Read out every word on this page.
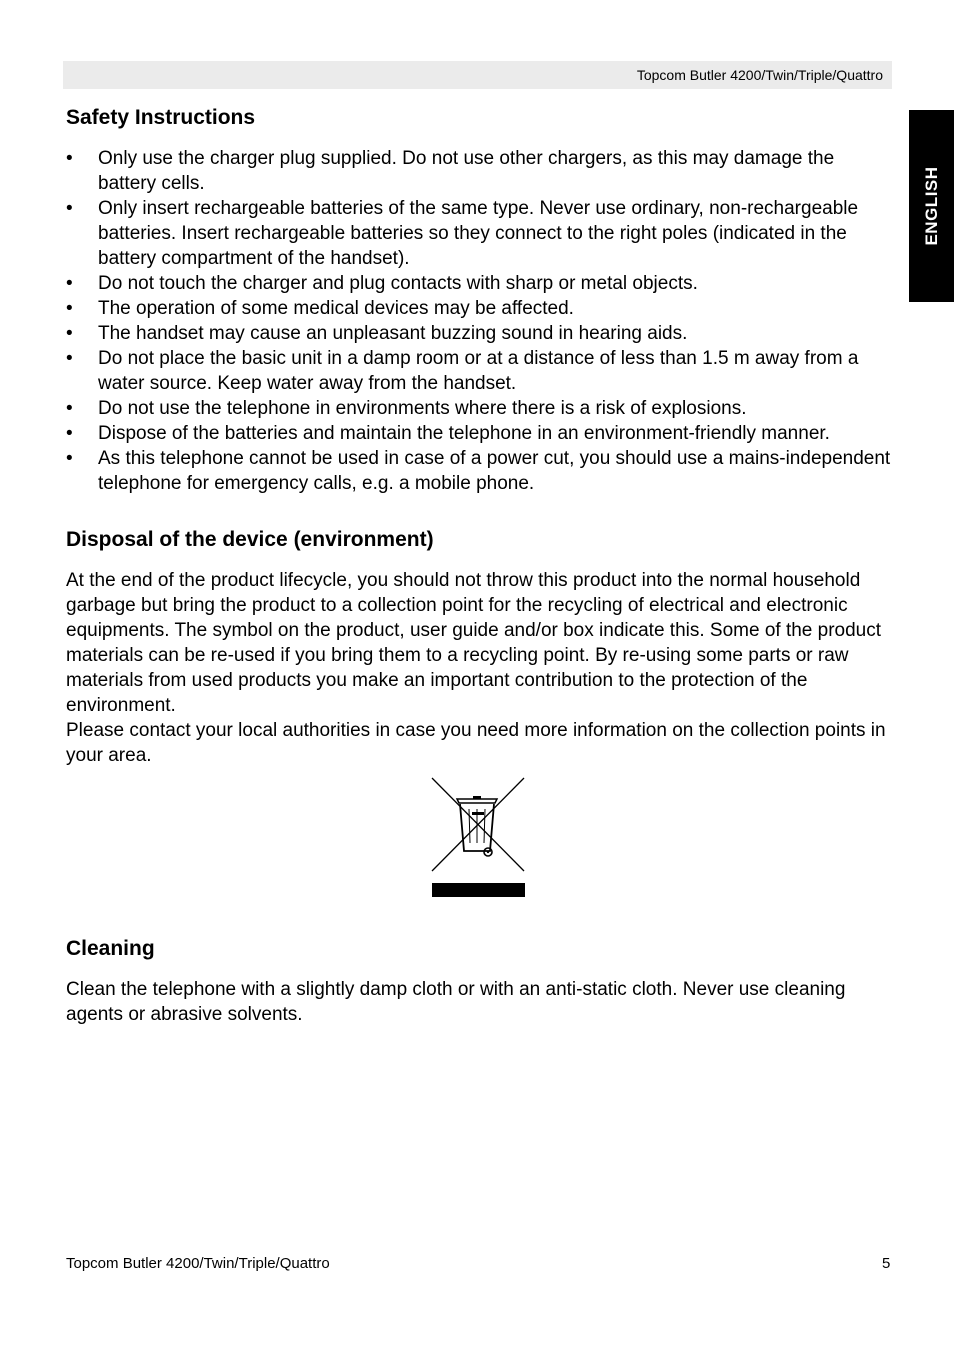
Topcom Butler 4200/Twin/Triple/Quattro
ENGLISH
Safety Instructions
• Only use the charger plug supplied. Do not use other chargers, as this may damage the battery cells.
• Only insert rechargeable batteries of the same type. Never use ordinary, non-rechargeable batteries. Insert rechargeable batteries so they connect to the right poles (indicated in the battery compartment of the handset).
• Do not touch the charger and plug contacts with sharp or metal objects.
• The operation of some medical devices may be affected.
• The handset may cause an unpleasant buzzing sound in hearing aids.
• Do not place the basic unit in a damp room or at a distance of less than 1.5 m away from a water source. Keep water away from the handset.
• Do not use the telephone in environments where there is a risk of explosions.
• Dispose of the batteries and maintain the telephone in an environment-friendly manner.
• As this telephone cannot be used in case of a power cut, you should use a mains-independent telephone for emergency calls, e.g. a mobile phone.
Disposal of the device (environment)

At the end of the product lifecycle, you should not throw this product into the normal household garbage but bring the product to a collection point for the recycling of electrical and electronic equipments. The symbol on the product, user guide and/or box indicate this. Some of the product materials can be re-used if you bring them to a recycling point. By re-using some parts or raw materials from used products you make an important contribution to the protection of the environment.

Please contact your local authorities in case you need more information on the collection points in your area.

Cleaning

Clean the telephone with a slightly damp cloth or with an anti-static cloth. Never use cleaning agents or abrasive solvents.

Topcom Butler 4200/Twin/Triple/Quattro	5
